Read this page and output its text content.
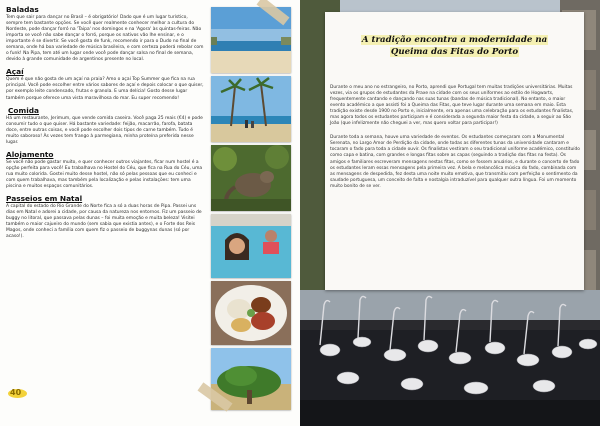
Baladas

Tem que sair para dançar no Brasil – é obrigatório! Dado que é um lugar turístico, sempre tem bastante opções. Se você quer realmente conhecer melhor a cultura do Nordeste, pode dançar forró na 'Taipa' nos domingos e na 'Agora' às quintas-feiras. Não importa se você não sabe dançar o forró, porque os nativos vão lhe ensinar, e o importante é se divertir. Se você gosta de funk, recomendo ir para o Dudo no final de semana, onde há boa variedade de música brasileira, e com certeza poderá rebolar com o funk! Na Pipa, tem até um lugar onde você pode dançar salsa no final de semana, devido à grande comunidade de argentinos presente no local.

Açaí

Quem é que não gosta de um açaí na praia? Amo o açaí Top Summer que fica na rua principal. Você pode escolher entre vários sabores de açaí e depois colocar o que quiser, por exemplo leite condensado, frutas e granola. E uma delícia! Gosto desse lugar também porque oferece uma vista maravilhosa do mar. Eu super recomendo!

Comida

Há um restaurante, Jerimum, que vende comida caseira. Você paga 25 reais (€4) e pode consumir tudo o que quiser. Há bastante variedade: feijão, macarrão, farofa, batata doce, entre outras coisas, e você pode escolher dois tipos de carne também. Tudo é muito saboroso! Às vezes tem frango à parmegiana, minha proteína preferida nesse lugar.

Alojamento

Se você não pode gastar muito, e quer conhecer outros viajantes, ficar num hostel é a opção perfeita para você! Eu trabalhava no Hostel do Céu, que fica na Rua do Céu, uma rua muito colorida. Gostei muito desse hostel, não só pelas pessoas que eu conheci e com quem trabalhava, mas também pela localização e pelas instalações: tem uma piscina e muitos espaços comunitários.

Passeios em Natal

A capital do estado do Rio Grande do Norte fica a só a duas horas de Pipa. Passei uns dias em Natal e adorei a cidade, por causa da natureza nos entornos. Fiz um passeio de buggy no litoral, que passava pelas dunas – foi muita emoção e muita beleza! Visitei também o maior cajueiro do mundo (sem sabia que existia antes), e o Forte dos Reis Magos, onde conheci a família com quem fiz o passeio de buggynas dunas (só por acaso!).

40
A tradição encontra a modernidade na
Queima das Fitas do Porto

Durante o meu ano no estrangeiro, no Porto, aprendi que Portugal tem muitas tradições universitárias. Muitas vezes, via os grupos de estudantes da Praxe na cidade com os seus uniformes ao estilo de Hogwarts, frequentemente cantando e dançando nas suas tunas (bandas de música tradicional). No entanto, o maior evento académico a que assisti foi a Queima das Fitas, que teve lugar durante uma semana em maio. Esta tradição existe desde 1900 no Porto e, inicialmente, era apenas uma celebração para os estudantes finalistas, mas agora todos os estudantes participam e é considerada a segunda maior festa da cidade, a seguir ao São João (que infelizmente não cheguei a ver, mas quero voltar para participar!)

Durante toda a semana, houve uma variedade de eventos. Os estudantes começaram com a Monumental Serenata, no Largo Amor de Perdição da cidade, onde todas as diferentes tunas da universidade cantaram e tocaram o fado para toda a cidade ouvir. Os finalistas vestiram o seu tradicional uniforme académico, constituído como capa e batina, com grandes e longas fitas sobre as capas (seguindo a tradição das fitas na festa). Os amigos e familiares escreveram mensagens nestas fitas, como se fossem anuários, e durante o concerto de fado os estudantes leram essas mensagens pela primeira vez. A bela e melancólica música do fado, combinada com as mensagens de despedida, fez desta uma noite muito emotiva, que transmitiu com perfeição o sentimento da saudade portuguesa, um conceito de falta e nostalgia intraduzível para qualquer outra língua. Foi um momento muito bonito de se ver.
